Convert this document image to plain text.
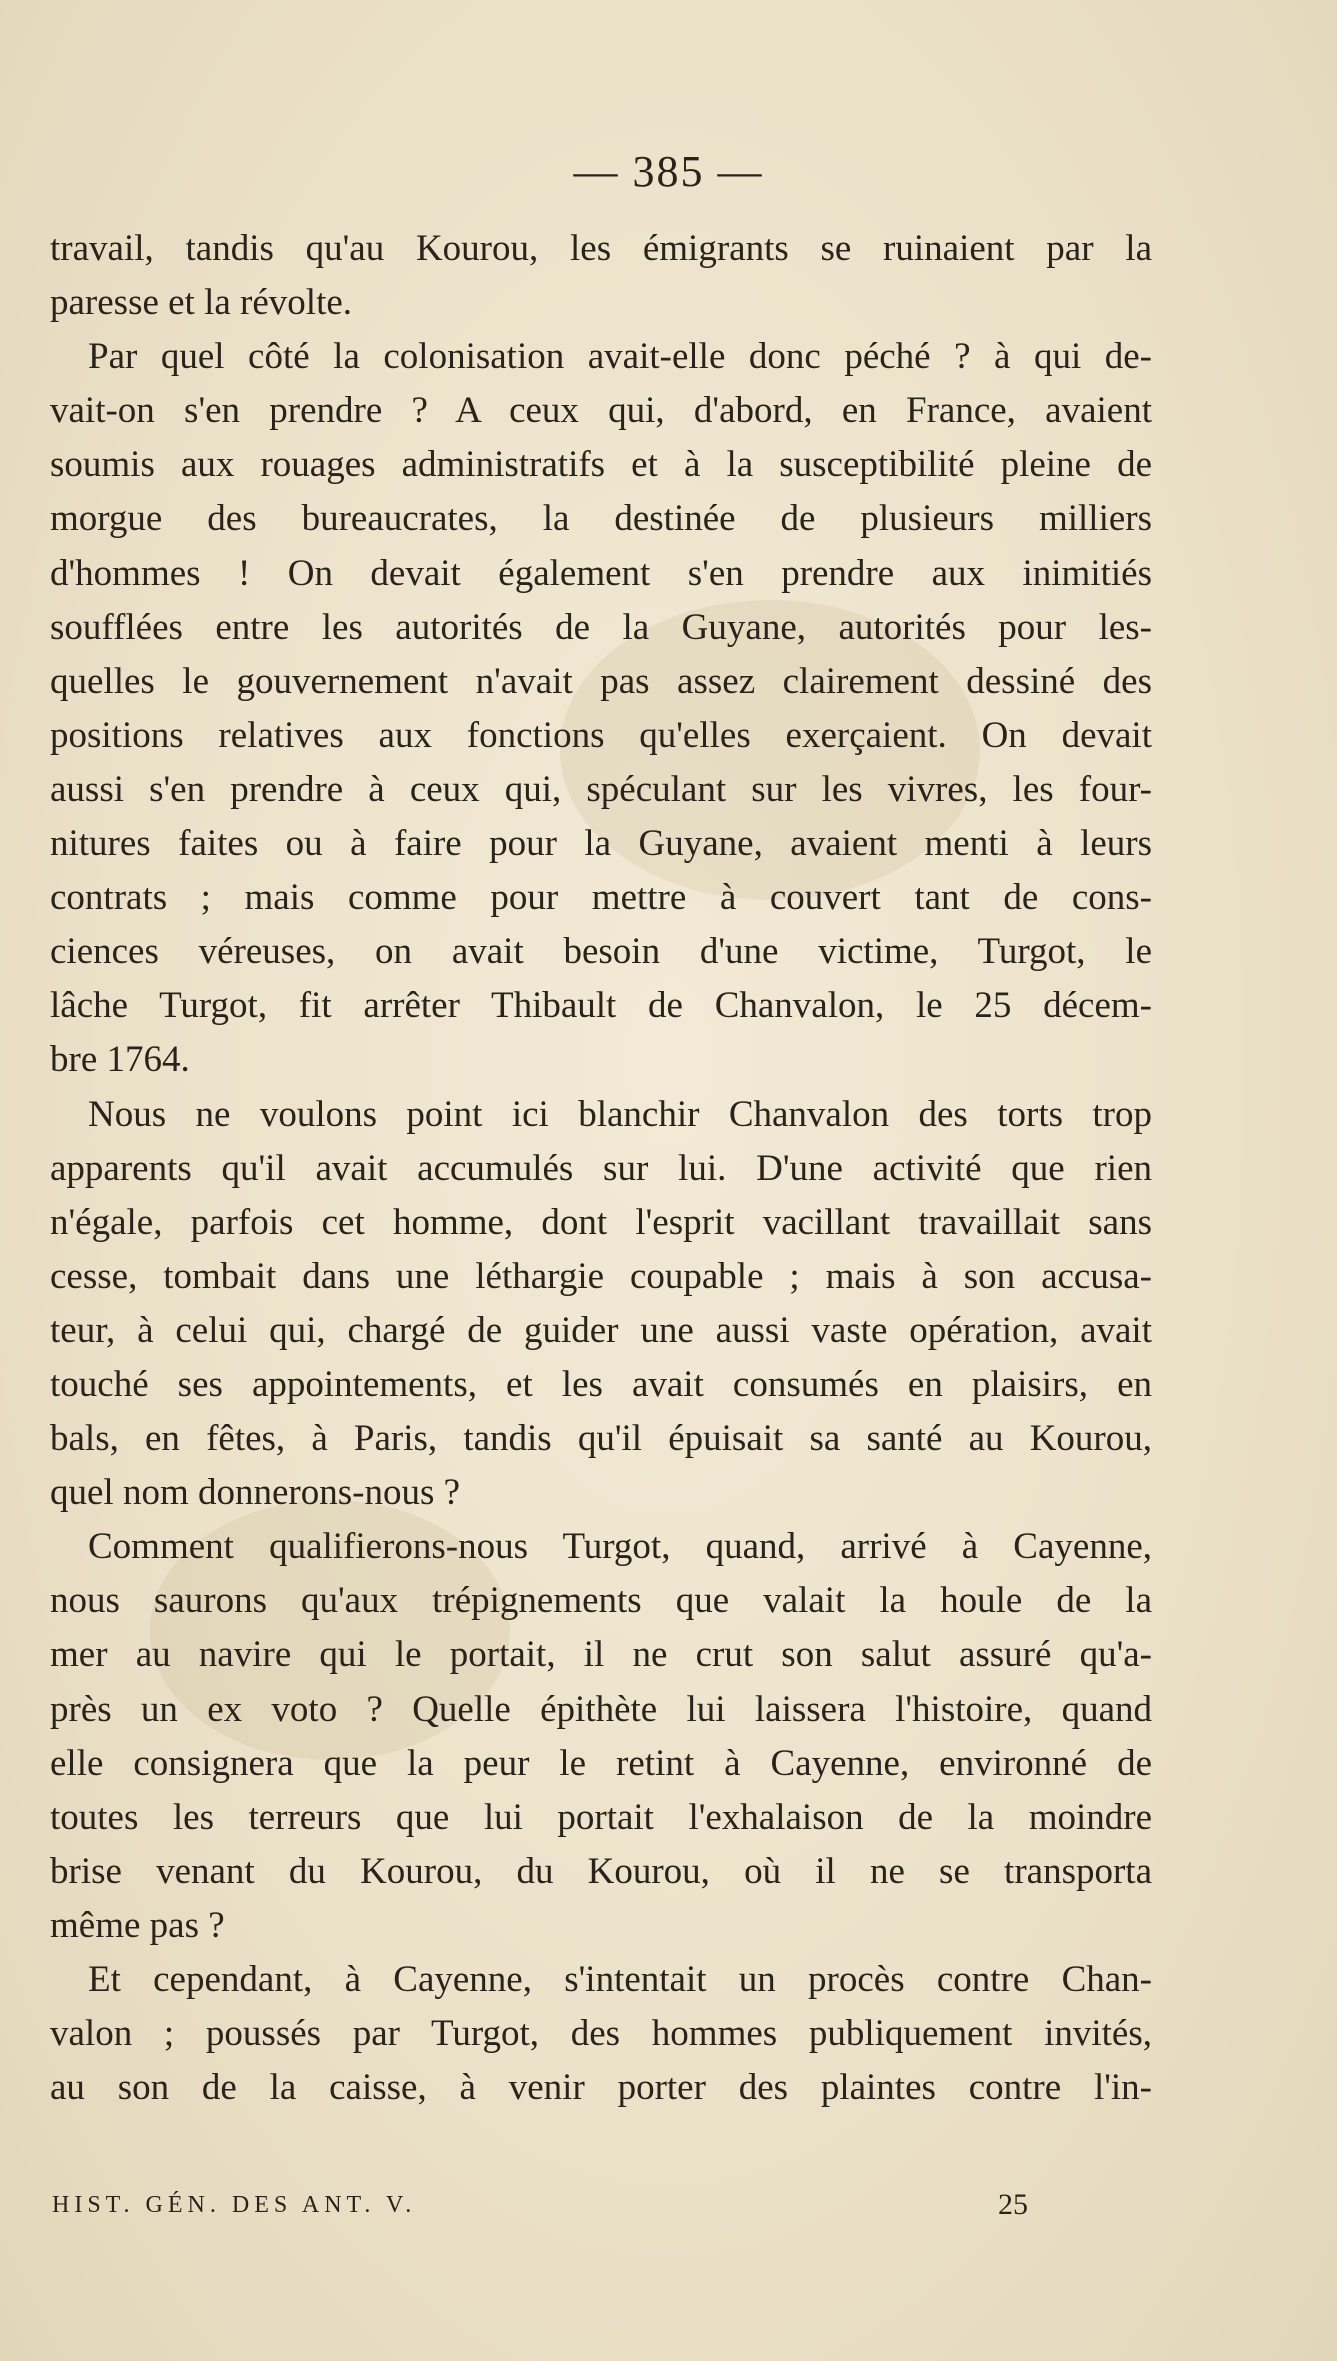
— 385 —
travail, tandis qu'au Kourou, les émigrants se ruinaient par la
paresse et la révolte.
Par quel côté la colonisation avait-elle donc péché ? à qui de-
vait-on s'en prendre ? A ceux qui, d'abord, en France, avaient
soumis aux rouages administratifs et à la susceptibilité pleine de
morgue des bureaucrates, la destinée de plusieurs milliers
d'hommes ! On devait également s'en prendre aux inimitiés
soufflées entre les autorités de la Guyane, autorités pour les-
quelles le gouvernement n'avait pas assez clairement dessiné des
positions relatives aux fonctions qu'elles exerçaient. On devait
aussi s'en prendre à ceux qui, spéculant sur les vivres, les four-
nitures faites ou à faire pour la Guyane, avaient menti à leurs
contrats ; mais comme pour mettre à couvert tant de cons-
ciences véreuses, on avait besoin d'une victime, Turgot, le
lâche Turgot, fit arrêter Thibault de Chanvalon, le 25 décem-
bre 1764.
Nous ne voulons point ici blanchir Chanvalon des torts trop
apparents qu'il avait accumulés sur lui. D'une activité que rien
n'égale, parfois cet homme, dont l'esprit vacillant travaillait sans
cesse, tombait dans une léthargie coupable ; mais à son accusa-
teur, à celui qui, chargé de guider une aussi vaste opération, avait
touché ses appointements, et les avait consumés en plaisirs, en
bals, en fêtes, à Paris, tandis qu'il épuisait sa santé au Kourou,
quel nom donnerons-nous ?
Comment qualifierons-nous Turgot, quand, arrivé à Cayenne,
nous saurons qu'aux trépignements que valait la houle de la
mer au navire qui le portait, il ne crut son salut assuré qu'a-
près un ex voto ? Quelle épithète lui laissera l'histoire, quand
elle consignera que la peur le retint à Cayenne, environné de
toutes les terreurs que lui portait l'exhalaison de la moindre
brise venant du Kourou, du Kourou, où il ne se transporta
même pas ?
Et cependant, à Cayenne, s'intentait un procès contre Chan-
valon ; poussés par Turgot, des hommes publiquement invités,
au son de la caisse, à venir porter des plaintes contre l'in-
HIST. GÉN. DES ANT. V.	25
